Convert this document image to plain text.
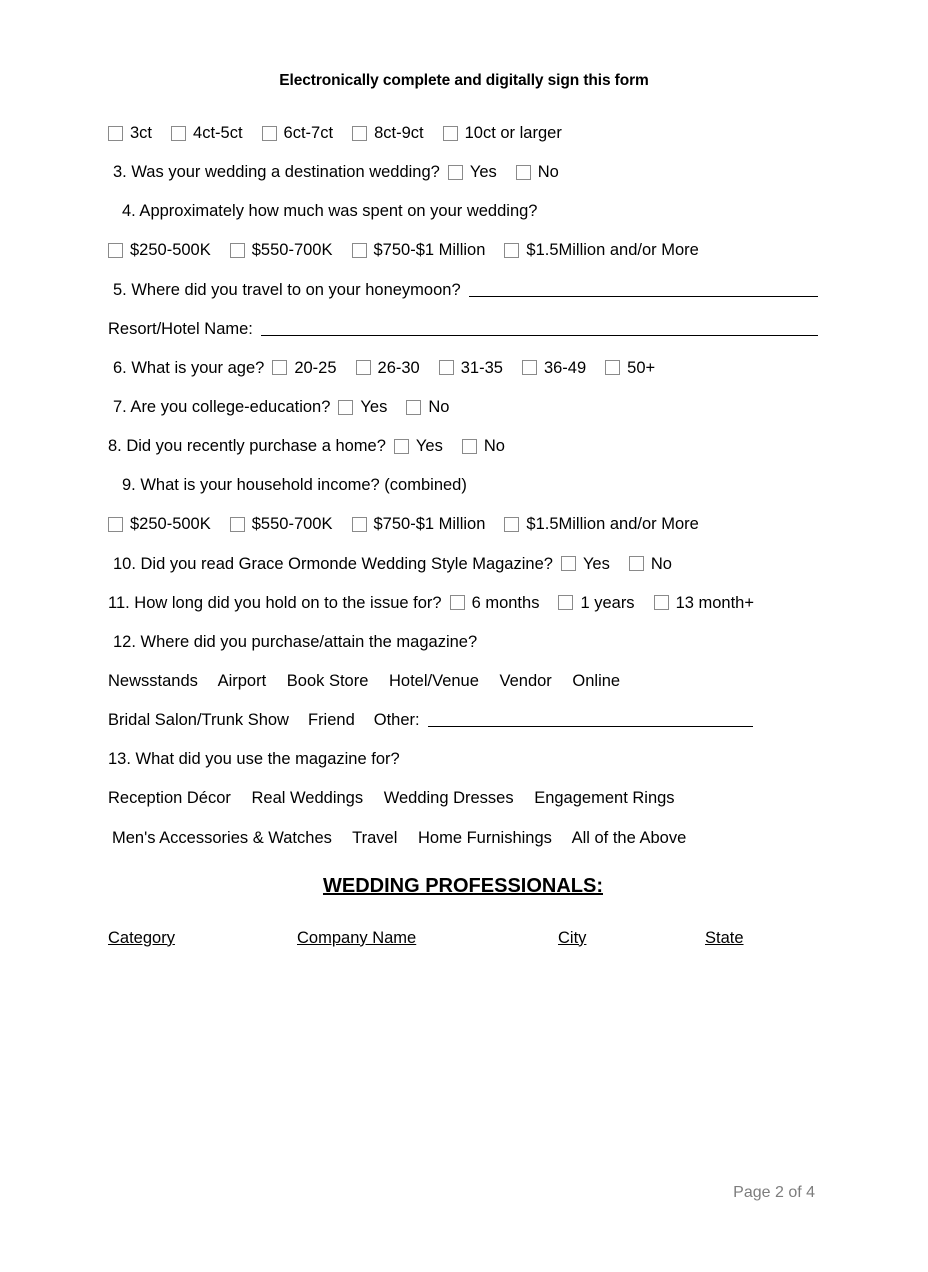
Electronically complete and digitally sign this form
3ct 4ct-5ct 6ct-7ct 8ct-9ct 10ct or larger
3. Was your wedding a destination wedding? Yes No
4. Approximately how much was spent on your wedding?
$250-500K $550-700K $750-$1 Million $1.5Million and/or More
5. Where did you travel to on your honeymoon?
Resort/Hotel Name:
6. What is your age? 20-25 26-30 31-35 36-49 50+
7. Are you college-education? Yes No
8. Did you recently purchase a home? Yes No
9. What is your household income? (combined)
$250-500K $550-700K $750-$1 Million $1.5Million and/or More
10. Did you read Grace Ormonde Wedding Style Magazine? Yes No
11. How long did you hold on to the issue for? 6 months 1 years 13 month+
12. Where did you purchase/attain the magazine?
Newsstands Airport Book Store Hotel/Venue Vendor Online
Bridal Salon/Trunk Show Friend Other:
13. What did you use the magazine for?
Reception Décor Real Weddings Wedding Dresses Engagement Rings
Men's Accessories & Watches Travel Home Furnishings All of the Above
WEDDING PROFESSIONALS:
Category	Company Name	City	State
Page 2 of 4
